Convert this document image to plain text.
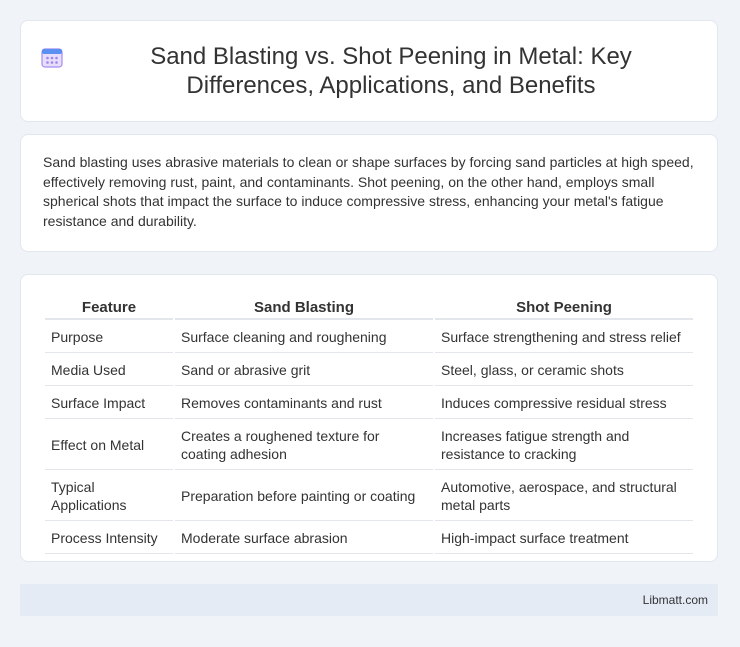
Sand Blasting vs. Shot Peening in Metal: Key Differences, Applications, and Benefits

Sand blasting uses abrasive materials to clean or shape surfaces by forcing sand particles at high speed, effectively removing rust, paint, and contaminants. Shot peening, on the other hand, employs small spherical shots that impact the surface to induce compressive stress, enhancing your metal's fatigue resistance and durability.

Feature	Sand Blasting	Shot Peening
Purpose	Surface cleaning and roughening	Surface strengthening and stress relief
Media Used	Sand or abrasive grit	Steel, glass, or ceramic shots
Surface Impact	Removes contaminants and rust	Induces compressive residual stress
Effect on Metal	Creates a roughened texture for coating adhesion	Increases fatigue strength and resistance to cracking
Typical Applications	Preparation before painting or coating	Automotive, aerospace, and structural metal parts
Process Intensity	Moderate surface abrasion	High-impact surface treatment
Libmatt.com
